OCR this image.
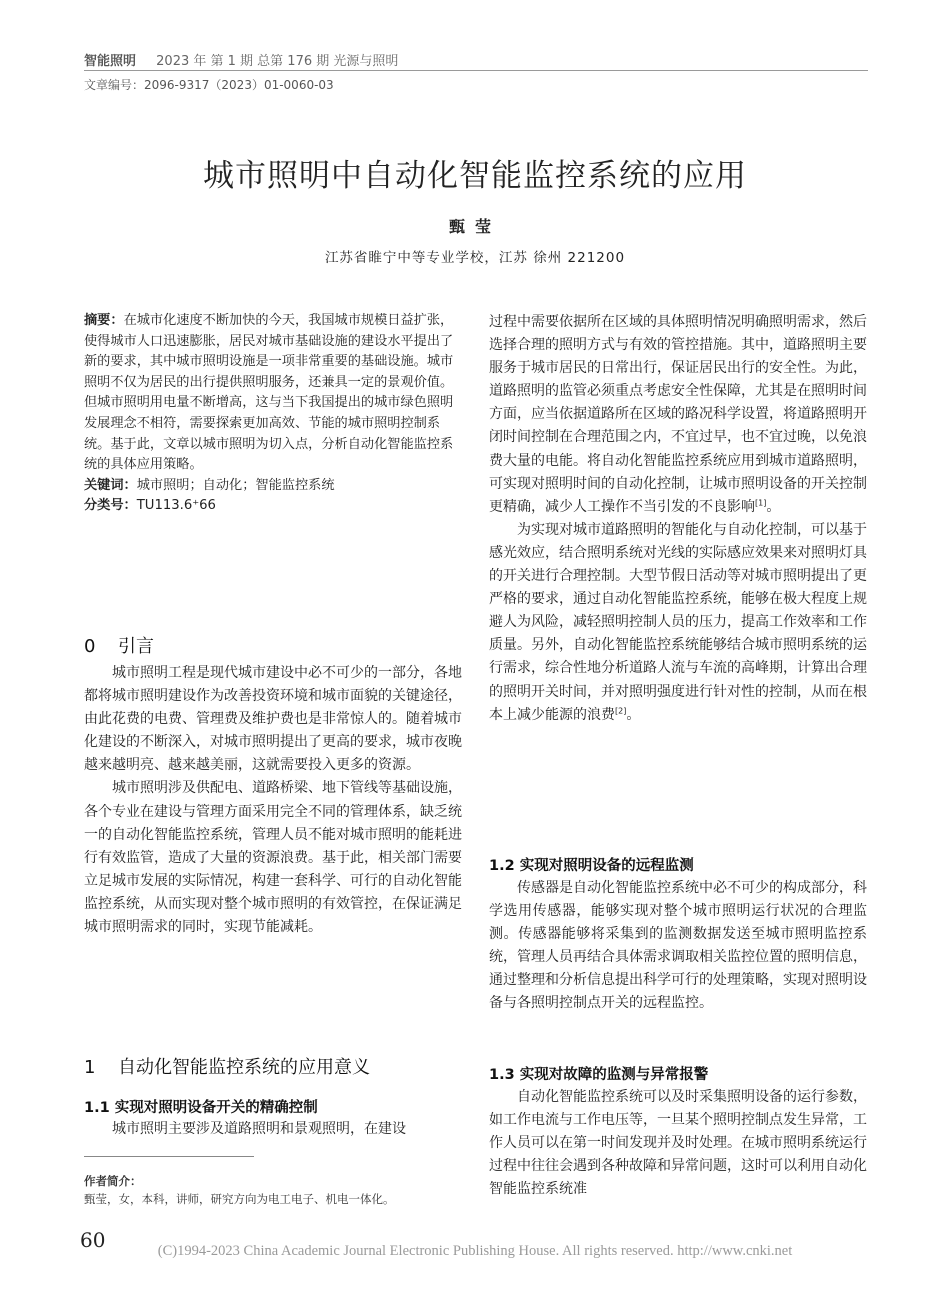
智能照明 2023 年 第 1 期 总第 176 期 光源与照明
文章编号：2096-9317（2023）01-0060-03
城市照明中自动化智能监控系统的应用
甄莹
江苏省睢宁中等专业学校，江苏 徐州 221200

摘要：在城市化速度不断加快的今天，我国城市规模日益扩张，使得城市人口迅速膨胀，居民对城市基础设施的建设水平提出了新的要求，其中城市照明设施是一项非常重要的基础设施。城市照明不仅为居民的出行提供照明服务，还兼具一定的景观价值。但城市照明用电量不断增高，这与当下我国提出的城市绿色照明发展理念不相符，需要探索更加高效、节能的城市照明控制系统。基于此，文章以城市照明为切入点，分析自动化智能监控系统的具体应用策略。

关键词：城市照明；自动化；智能监控系统

分类号：TU113.6⁺66

0 引言

城市照明工程是现代城市建设中必不可少的一部分，各地都将城市照明建设作为改善投资环境和城市面貌的关键途径，由此花费的电费、管理费及维护费也是非常惊人的。随着城市化建设的不断深入，对城市照明提出了更高的要求，城市夜晚越来越明亮、越来越美丽，这就需要投入更多的资源。

城市照明涉及供配电、道路桥梁、地下管线等基础设施，各个专业在建设与管理方面采用完全不同的管理体系，缺乏统一的自动化智能监控系统，管理人员不能对城市照明的能耗进行有效监管，造成了大量的资源浪费。基于此，相关部门需要立足城市发展的实际情况，构建一套科学、可行的自动化智能监控系统，从而实现对整个城市照明的有效管控，在保证满足城市照明需求的同时，实现节能减耗。

1 自动化智能监控系统的应用意义
1.1 实现对照明设备开关的精确控制

城市照明主要涉及道路照明和景观照明，在建设

作者简介：甄莹，女，本科，讲师，研究方向为电工电子、机电一体化。

过程中需要依据所在区域的具体照明情况明确照明需求，然后选择合理的照明方式与有效的管控措施。其中，道路照明主要服务于城市居民的日常出行，保证居民出行的安全性。为此，道路照明的监管必须重点考虑安全性保障，尤其是在照明时间方面，应当依据道路所在区域的路况科学设置，将道路照明开闭时间控制在合理范围之内，不宜过早，也不宜过晚，以免浪费大量的电能。将自动化智能监控系统应用到城市道路照明，可实现对照明时间的自动化控制，让城市照明设备的开关控制更精确，减少人工操作不当引发的不良影响[1]。

为实现对城市道路照明的智能化与自动化控制，可以基于感光效应，结合照明系统对光线的实际感应效果来对照明灯具的开关进行合理控制。大型节假日活动等对城市照明提出了更严格的要求，通过自动化智能监控系统，能够在极大程度上规避人为风险，减轻照明控制人员的压力，提高工作效率和工作质量。另外，自动化智能监控系统能够结合城市照明系统的运行需求，综合性地分析道路人流与车流的高峰期，计算出合理的照明开关时间，并对照明强度进行针对性的控制，从而在根本上减少能源的浪费[2]。

1.2 实现对照明设备的远程监测

传感器是自动化智能监控系统中必不可少的构成部分，科学选用传感器，能够实现对整个城市照明运行状况的合理监测。传感器能够将采集到的监测数据发送至城市照明监控系统，管理人员再结合具体需求调取相关监控位置的照明信息，通过整理和分析信息提出科学可行的处理策略，实现对照明设备与各照明控制点开关的远程监控。

1.3 实现对故障的监测与异常报警

自动化智能监控系统可以及时采集照明设备的运行参数，如工作电流与工作电压等，一旦某个照明控制点发生异常，工作人员可以在第一时间发现并及时处理。在城市照明系统运行过程中往往会遇到各种故障和异常问题，这时可以利用自动化智能监控系统准

60	(C)1994-2023 China Academic Journal Electronic Publishing House. All rights reserved. http://www.cnki.net
